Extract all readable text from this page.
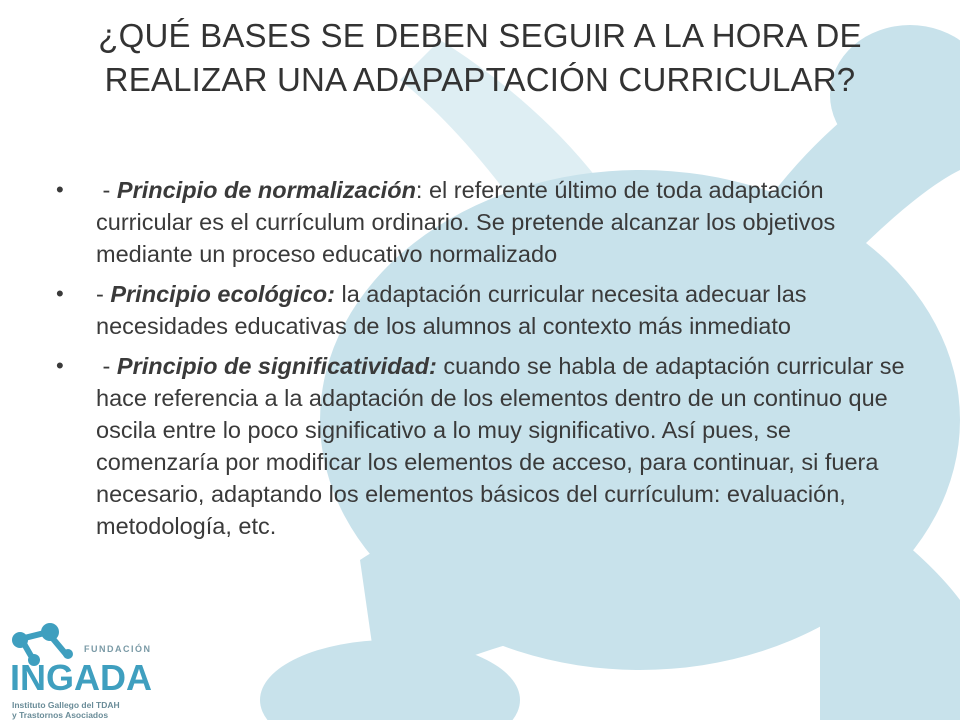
¿QUÉ BASES SE DEBEN SEGUIR A LA HORA DE
REALIZAR UNA ADAPAPTACIÓN CURRICULAR?
• - Principio de normalización: el referente último de toda adaptación curricular es el currículum ordinario. Se pretende alcanzar los objetivos mediante un proceso educativo normalizado
• - Principio ecológico: la adaptación curricular necesita adecuar las necesidades educativas de los alumnos al contexto más inmediato
• - Principio de significatividad: cuando se habla de adaptación curricular se hace referencia a la adaptación de los elementos dentro de un continuo que oscila entre lo poco significativo a lo muy significativo. Así pues, se comenzaría por modificar los elementos de acceso, para continuar, si fuera necesario, adaptando los elementos básicos del currículum: evaluación, metodología, etc.
FUNDACIÓN
INGADA
Instituto Gallego del TDAH
y Trastornos Asociados
